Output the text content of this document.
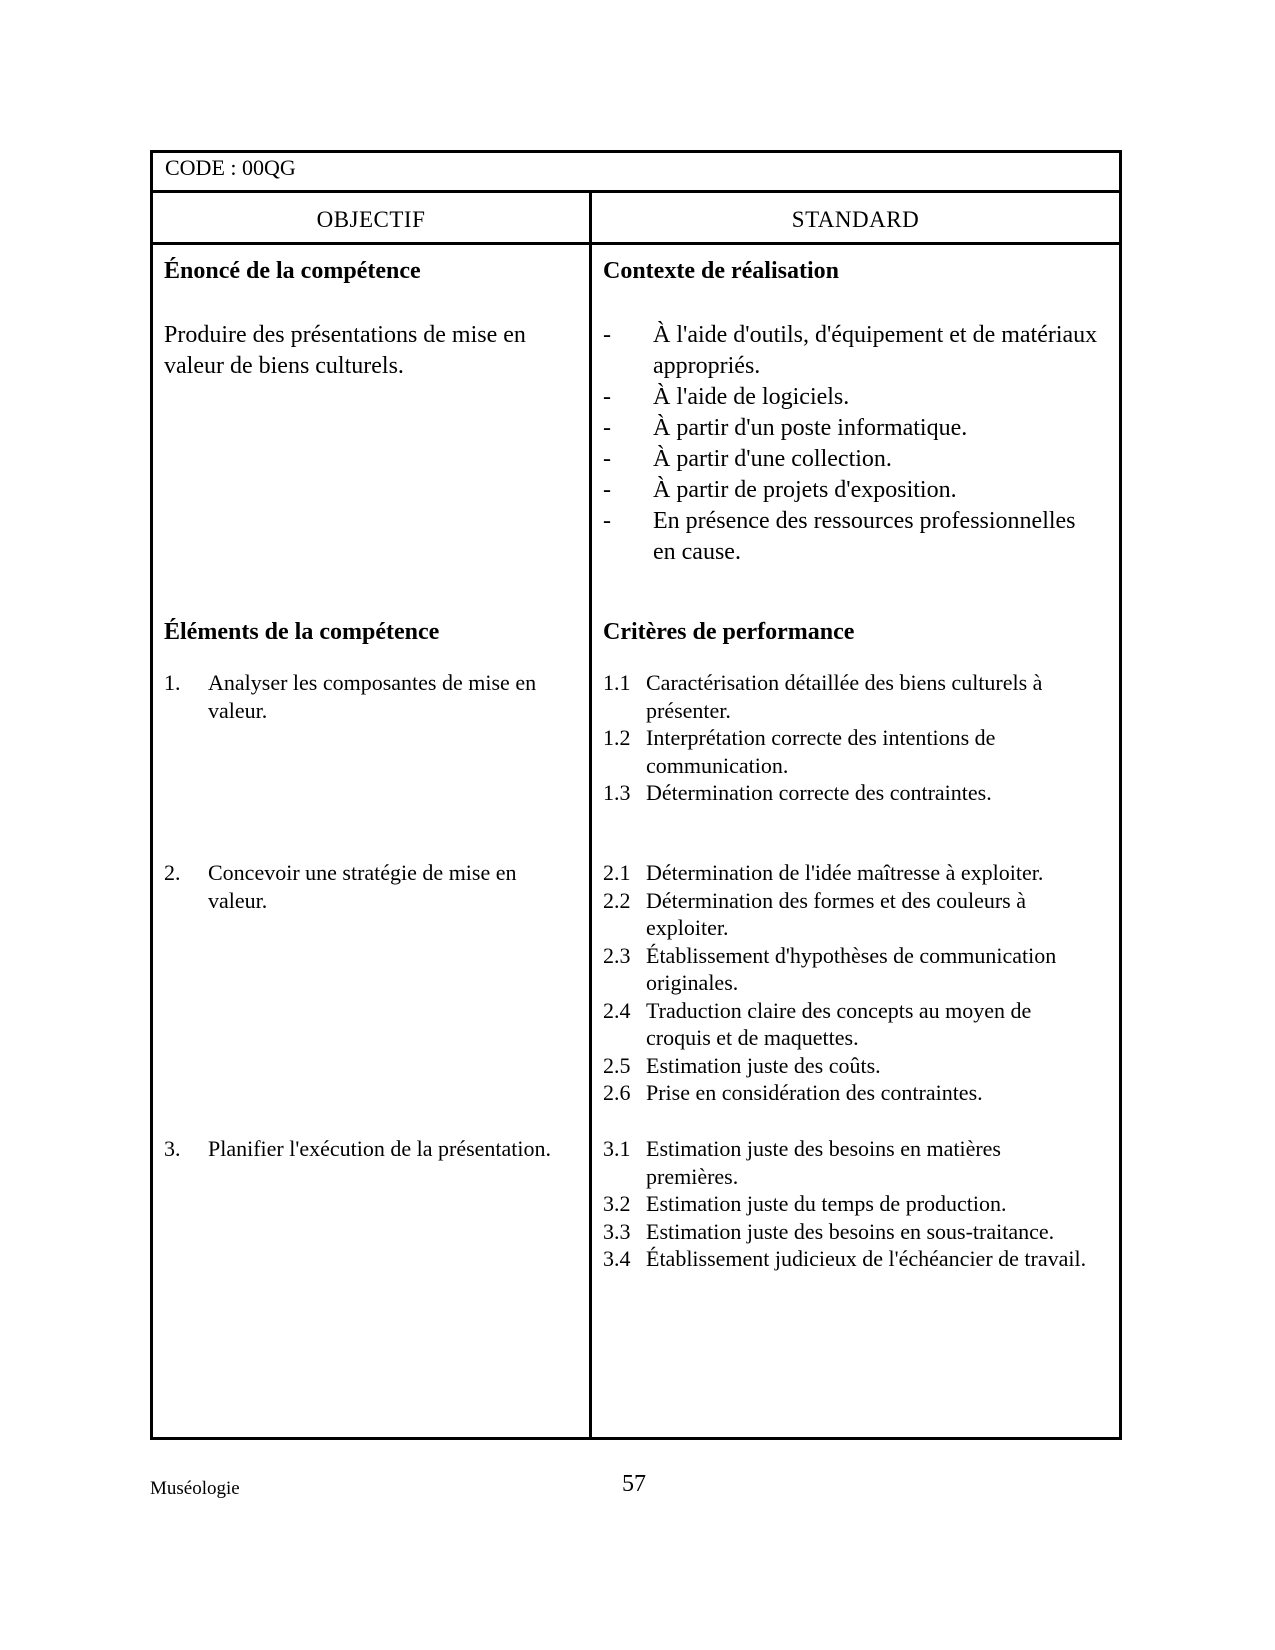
CODE : 00QG
OBJECTIF	STANDARD
Énoncé de la compétence
Produire des présentations de mise en
valeur de biens culturels.
Éléments de la compétence
1. Analyser les composantes de mise en valeur.
2. Concevoir une stratégie de mise en valeur.
3. Planifier l'exécution de la présentation.
Contexte de réalisation
- À l'aide d'outils, d'équipement et de matériaux appropriés.
- À l'aide de logiciels.
- À partir d'un poste informatique.
- À partir d'une collection.
- À partir de projets d'exposition.
- En présence des ressources professionnelles en cause.
Critères de performance
1.1 Caractérisation détaillée des biens culturels à présenter.
1.2 Interprétation correcte des intentions de communication.
1.3 Détermination correcte des contraintes.
2.1 Détermination de l'idée maîtresse à exploiter.
2.2 Détermination des formes et des couleurs à exploiter.
2.3 Établissement d'hypothèses de communication originales.
2.4 Traduction claire des concepts au moyen de croquis et de maquettes.
2.5 Estimation juste des coûts.
2.6 Prise en considération des contraintes.
3.1 Estimation juste des besoins en matières premières.
3.2 Estimation juste du temps de production.
3.3 Estimation juste des besoins en sous-traitance.
3.4 Établissement judicieux de l'échéancier de travail.
Muséologie	57
